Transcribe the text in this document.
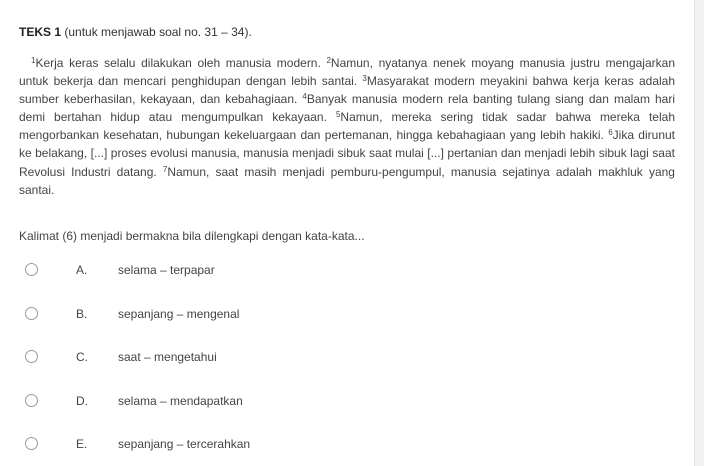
TEKS 1 (untuk menjawab soal no. 31 – 34).

$^1$Kerja keras selalu dilakukan oleh manusia modern. $^2$Namun, nyatanya nenek moyang manusia justru mengajarkan untuk bekerja dan mencari penghidupan dengan lebih santai. $^3$Masyarakat modern meyakini bahwa kerja keras adalah sumber keberhasilan, kekayaan, dan kebahagiaan. $^4$Banyak manusia modern rela banting tulang siang dan malam hari demi bertahan hidup atau mengumpulkan kekayaan. $^5$Namun, mereka sering tidak sadar bahwa mereka telah mengorbankan kesehatan, hubungan kekeluargaan dan pertemanan, hingga kebahagiaan yang lebih hakiki. $^6$Jika dirunut ke belakang, [...] proses evolusi manusia, manusia menjadi sibuk saat mulai [...] pertanian dan menjadi lebih sibuk lagi saat Revolusi Industri datang. $^7$Namun, saat masih menjadi pemburu-pengumpul, manusia sejatinya adalah makhluk yang santai.

Kalimat (6) menjadi bermakna bila dilengkapi dengan kata-kata...
A.	selama – terpapar
B.	sepanjang – mengenal
C.	saat – mengetahui
D.	selama – mendapatkan
E.	sepanjang – tercerahkan
